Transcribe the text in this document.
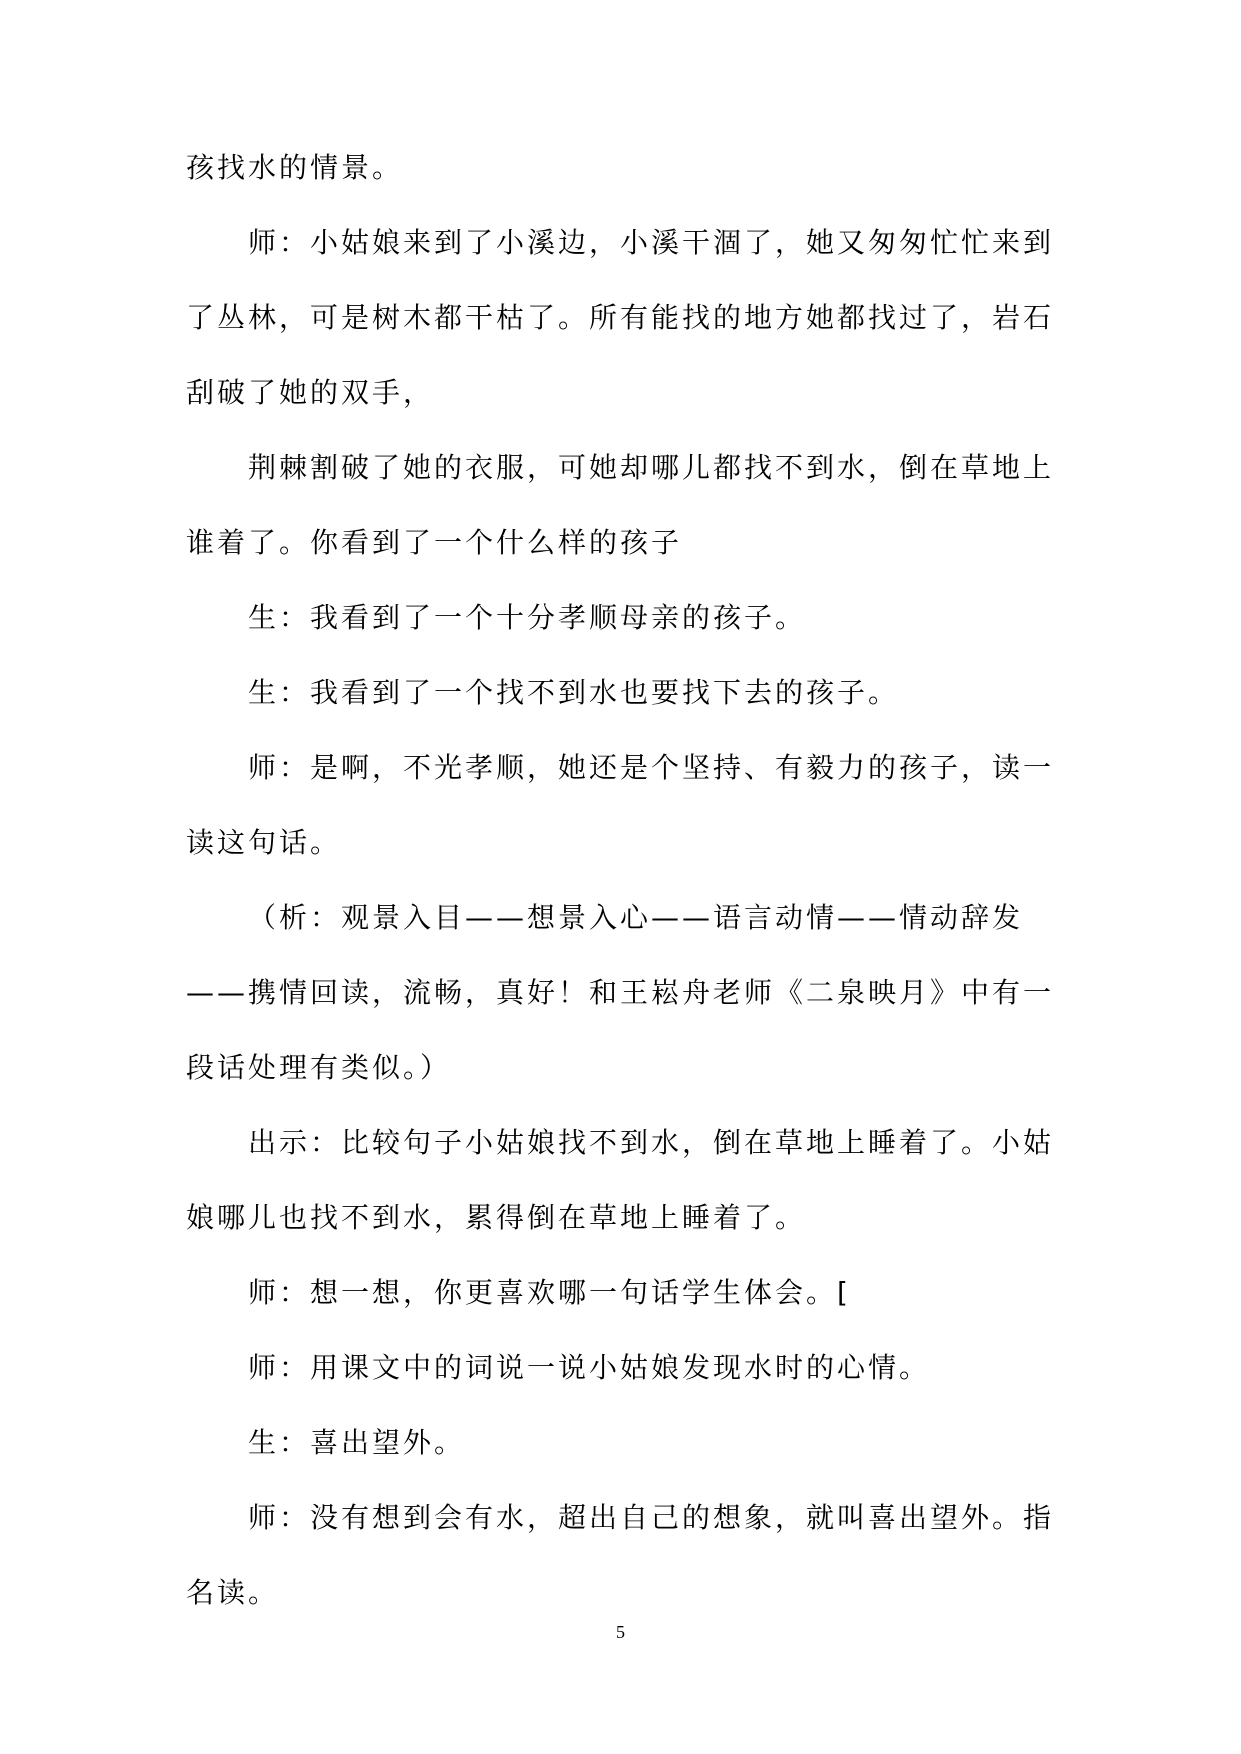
孩找水的情景。

师：小姑娘来到了小溪边，小溪干涸了，她又匆匆忙忙来到了丛林，可是树木都干枯了。所有能找的地方她都找过了，岩石刮破了她的双手，

荆棘割破了她的衣服，可她却哪儿都找不到水，倒在草地上谁着了。你看到了一个什么样的孩子

生：我看到了一个十分孝顺母亲的孩子。

生：我看到了一个找不到水也要找下去的孩子。

师：是啊，不光孝顺，她还是个坚持、有毅力的孩子，读一读这句话。

（析：观景入目——想景入心——语言动情——情动辞发——携情回读，流畅，真好！和王崧舟老师《二泉映月》中有一段话处理有类似。）

出示：比较句子小姑娘找不到水，倒在草地上睡着了。小姑娘哪儿也找不到水，累得倒在草地上睡着了。

师：想一想，你更喜欢哪一句话学生体会。[

师：用课文中的词说一说小姑娘发现水时的心情。

生：喜出望外。

师：没有想到会有水，超出自己的想象，就叫喜出望外。指名读。

5
